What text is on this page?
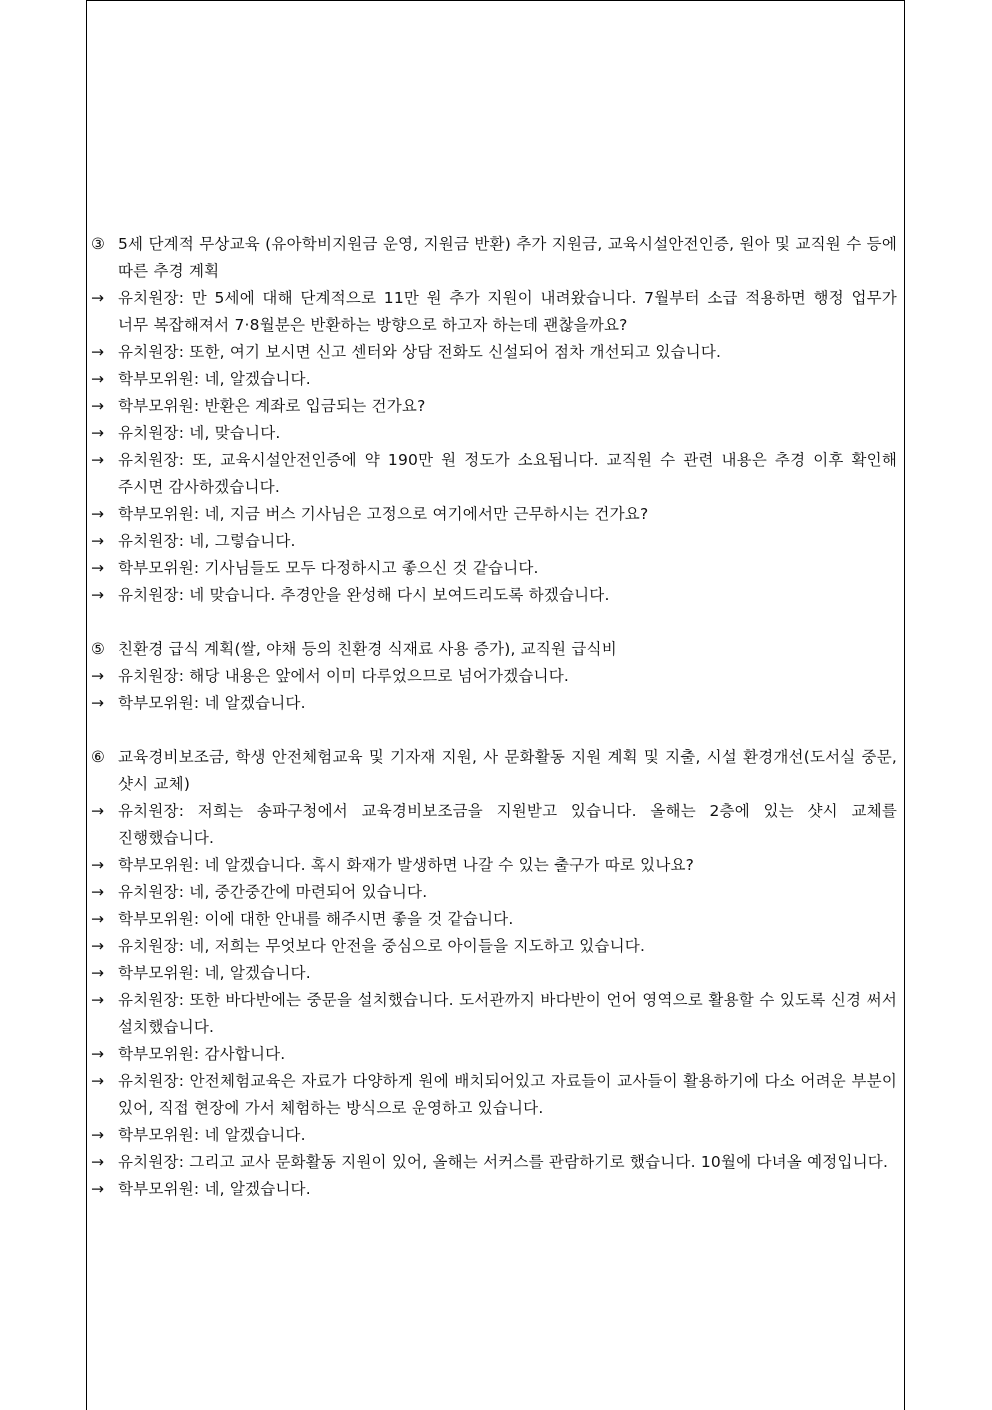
③ 5세 단계적 무상교육 (유아학비지원금 운영, 지원금 반환) 추가 지원금, 교육시설안전인증, 원아 및 교직원 수 등에 따른 추경 계획
→ 유치원장 : 만 5세에 대해 단계적으로 11만 원 추가 지원이 내려왔습니다. 7월부터 소급 적용하면 행정 업무가 너무 복잡해져서 7·8월분은 반환하는 방향으로 하고자 하는데 괜찮을까요?
→ 유치원장 : 또한, 여기 보시면 신고 센터와 상담 전화도 신설되어 점차 개선되고 있습니다.
→ 학부모위원 : 네, 알겠습니다.
→ 학부모위원 : 반환은 계좌로 입금되는 건가요?
→ 유치원장 : 네, 맞습니다.
→ 유치원장 : 또, 교육시설안전인증에 약 190만 원 정도가 소요됩니다. 교직원 수 관련 내용은 추경 이후 확인해 주시면 감사하겠습니다.
→ 학부모위원 : 네, 지금 버스 기사님은 고정으로 여기에서만 근무하시는 건가요?
→ 유치원장 : 네, 그렇습니다.
→ 학부모위원 : 기사님들도 모두 다정하시고 좋으신 것 같습니다.
→ 유치원장 : 네 맞습니다. 추경안을 완성해 다시 보여드리도록 하겠습니다.
⑤ 친환경 급식 계획(쌀, 야채 등의 친환경 식재료 사용 증가), 교직원 급식비
→ 유치원장 : 해당 내용은 앞에서 이미 다루었으므로 넘어가겠습니다.
→ 학부모위원 : 네 알겠습니다.
⑥ 교육경비보조금, 학생 안전체험교육 및 기자재 지원, 사 문화활동 지원 계획 및 지출, 시설 환경개선(도서실 중문, 샷시 교체)
→ 유치원장 : 저희는 송파구청에서 교육경비보조금을 지원받고 있습니다. 올해는 2층에 있는 샷시 교체를 진행했습니다.
→ 학부모위원 : 네 알겠습니다. 혹시 화재가 발생하면 나갈 수 있는 출구가 따로 있나요?
→ 유치원장 : 네, 중간중간에 마련되어 있습니다.
→ 학부모위원 : 이에 대한 안내를 해주시면 좋을 것 같습니다.
→ 유치원장 : 네, 저희는 무엇보다 안전을 중심으로 아이들을 지도하고 있습니다.
→ 학부모위원 : 네, 알겠습니다.
→ 유치원장 : 또한 바다반에는 중문을 설치했습니다. 도서관까지 바다반이 언어 영역으로 활용할 수 있도록 신경 써서 설치했습니다.
→ 학부모위원 : 감사합니다.
→ 유치원장 : 안전체험교육은 자료가 다양하게 원에 배치되어있고 자료들이 교사들이 활용하기에 다소 어려운 부분이 있어, 직접 현장에 가서 체험하는 방식으로 운영하고 있습니다.
→ 학부모위원 : 네 알겠습니다.
→ 유치원장 : 그리고 교사 문화활동 지원이 있어, 올해는 서커스를 관람하기로 했습니다. 10월에 다녀올 예정입니다.
→ 학부모위원 : 네, 알겠습니다.
